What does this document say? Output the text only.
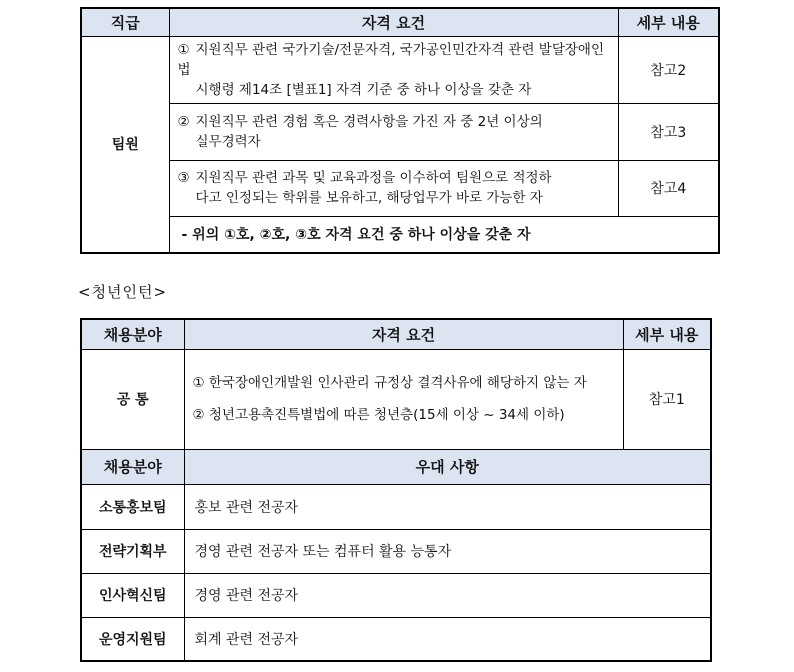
직급	자격 요건	세부 내용
팀원	① 지원직무 관련 국가기술/전문자격, 국가공인민간자격 관련 발달장애인법
시행령 제14조 [별표1] 자격 기준 중 하나 이상을 갖춘 자	참고2

	② 지원직무 관련 경험 혹은 경력사항을 가진 자 중 2년 이상의
실무경력자	참고3

	③ 지원직무 관련 과목 및 교육과정을 이수하여 팀원으로 적정하
다고 인정되는 학위를 보유하고, 해당업무가 바로 가능한 자	참고4
	- 위의 ①호, ②호, ③호 자격 요건 중 하나 이상을 갖춘 자	
<청년인턴>
채용분야	자격 요건	세부 내용
공 통	① 한국장애인개발원 인사관리 규정상 결격사유에 해당하지 않는 자
② 청년고용촉진특별법에 따른 청년층(15세 이상 ~ 34세 이하)	참고1
채용분야	우대 사항	
소통홍보팀	홍보 관련 전공자	
전략기획부	경영 관련 전공자 또는 컴퓨터 활용 능통자	
인사혁신팀	경영 관련 전공자	
운영지원팀	회계 관련 전공자	
